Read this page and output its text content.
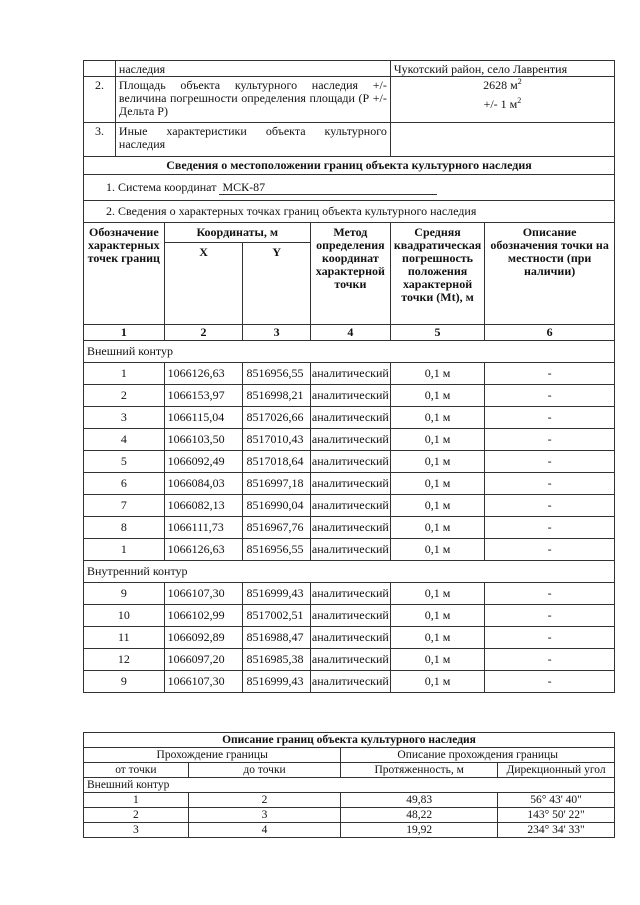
	наследия				Чукотский район, село Лаврентия	

2.	Площадь объекта культурного наследия +/- величина погрешности определения площади (Р +/- Дельта Р)				2628 $м^2$
+/- 1 $м^2$

3.	Иные характеристики объекта культурного наследия					
Сведения о местоположении границ объекта культурного наследия						
1. Система координат МСК-87						
2. Сведения о характерных точках границ объекта культурного наследия						
Обозначение характерных точек границ		Координаты, м		Метод определения координат характерной точки	Средняя квадратическая погрешность положения характерной точки (Mt), м	Описание обозначения точки на местности (при наличии)
		X	Y			
1		2	3	4	5	6
Внешний контур						
1		1066126,63	8516956,55	аналитический	0,1 м	-
2		1066153,97	8516998,21	аналитический	0,1 м	-
3		1066115,04	8517026,66	аналитический	0,1 м	-
4		1066103,50	8517010,43	аналитический	0,1 м	-
5		1066092,49	8517018,64	аналитический	0,1 м	-
6		1066084,03	8516997,18	аналитический	0,1 м	-
7		1066082,13	8516990,04	аналитический	0,1 м	-
8		1066111,73	8516967,76	аналитический	0,1 м	-
1		1066126,63	8516956,55	аналитический	0,1 м	-
Внутренний контур						
9		1066107,30	8516999,43	аналитический	0,1 м	-
10		1066102,99	8517002,51	аналитический	0,1 м	-
11		1066092,89	8516988,47	аналитический	0,1 м	-
12		1066097,20	8516985,38	аналитический	0,1 м	-
9		1066107,30	8516999,43	аналитический	0,1 м	-
Описание границ объекта культурного наследия			
Прохождение границы		Описание прохождения границы	
от точки	до точки	Протяженность, м	Дирекционный угол
Внешний контур			
1	2	49,83	56° 43' 40"
2	3	48,22	143° 50' 22"
3	4	19,92	234° 34' 33"
